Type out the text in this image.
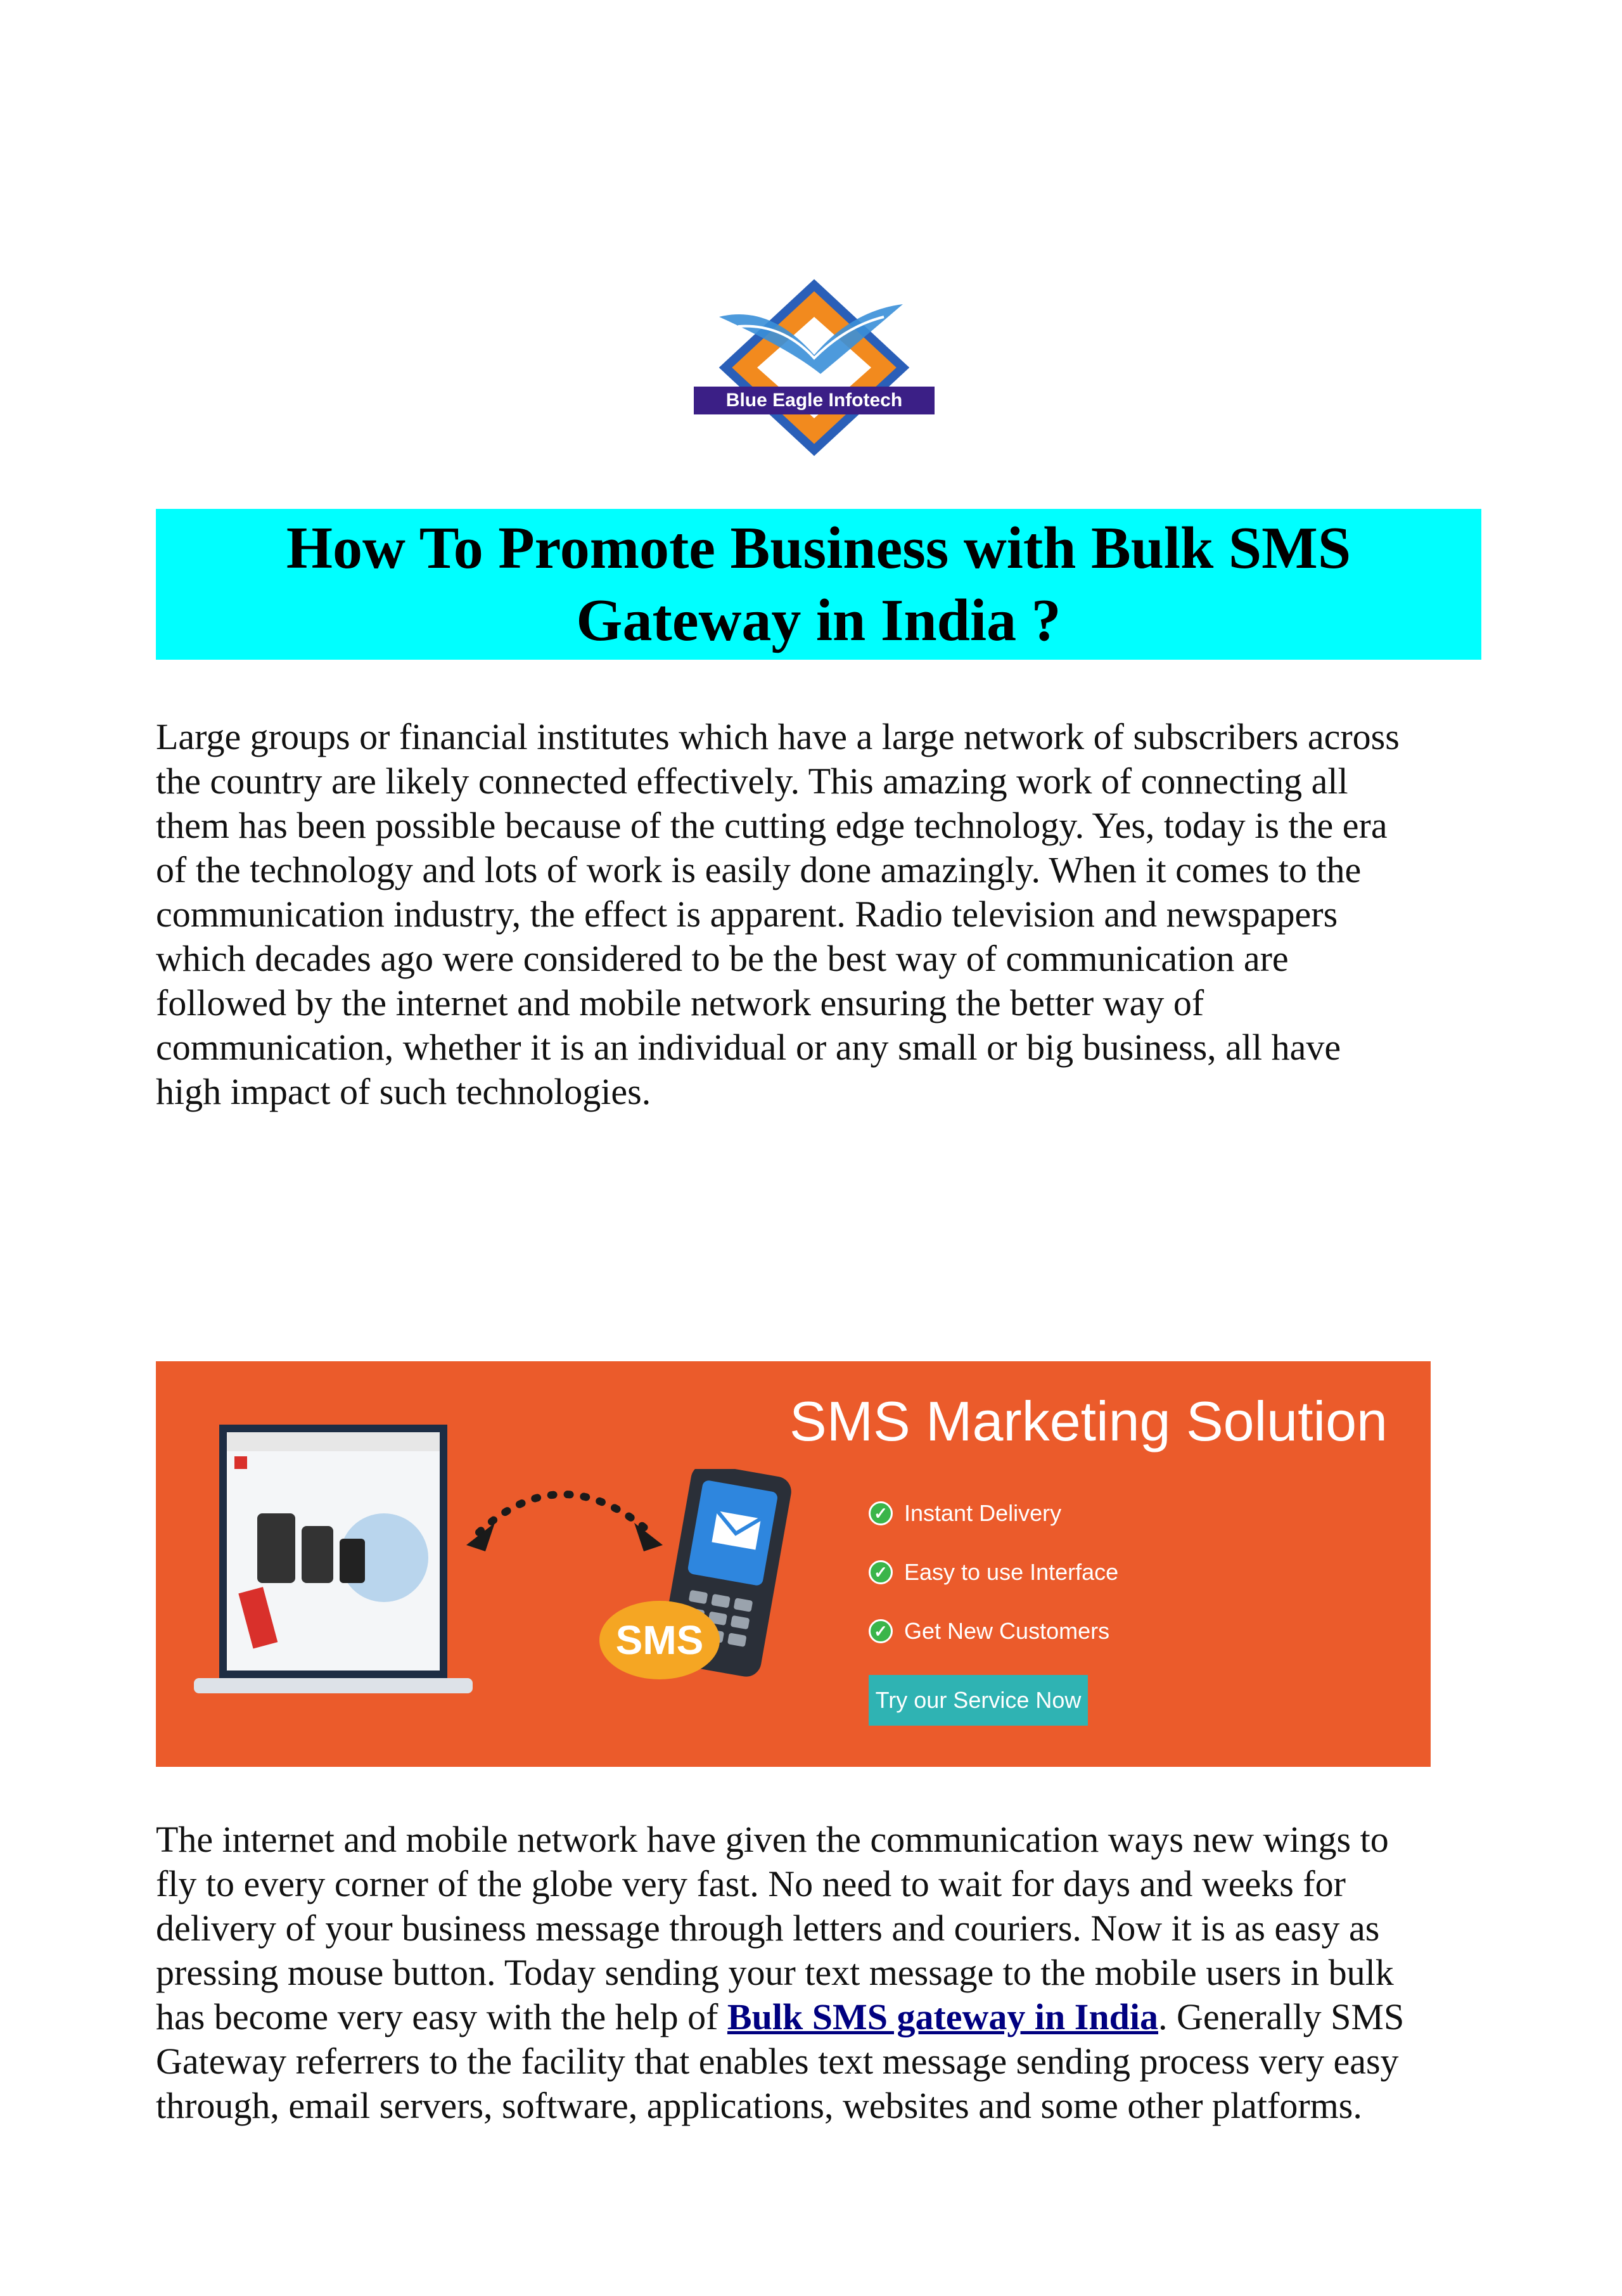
Blue Eagle Infotech
How To Promote Business with Bulk SMS
Gateway in India ?
Large groups or financial institutes which have a large network of subscribers across
the country are likely connected effectively. This amazing work of connecting all
them has been possible because of the cutting edge technology. Yes, today is the era
of the technology and lots of work is easily done amazingly. When it comes to the
communication industry, the effect is apparent. Radio television and newspapers
which decades ago were considered to be the best way of communication are
followed by the internet and mobile network ensuring the better way of
communication, whether it is an individual or any small or big business, all have
high impact of such technologies.
SMS
SMS Marketing Solution
✓ Instant Delivery
✓ Easy to use Interface
✓ Get New Customers
Try our Service Now
The internet and mobile network have given the communication ways new wings to
fly to every corner of the globe very fast. No need to wait for days and weeks for
delivery of your business message through letters and couriers. Now it is as easy as
pressing mouse button. Today sending your text message to the mobile users in bulk
has become very easy with the help of Bulk SMS gateway in India. Generally SMS
Gateway referrers to the facility that enables text message sending process very easy
through, email servers, software, applications, websites and some other platforms.
